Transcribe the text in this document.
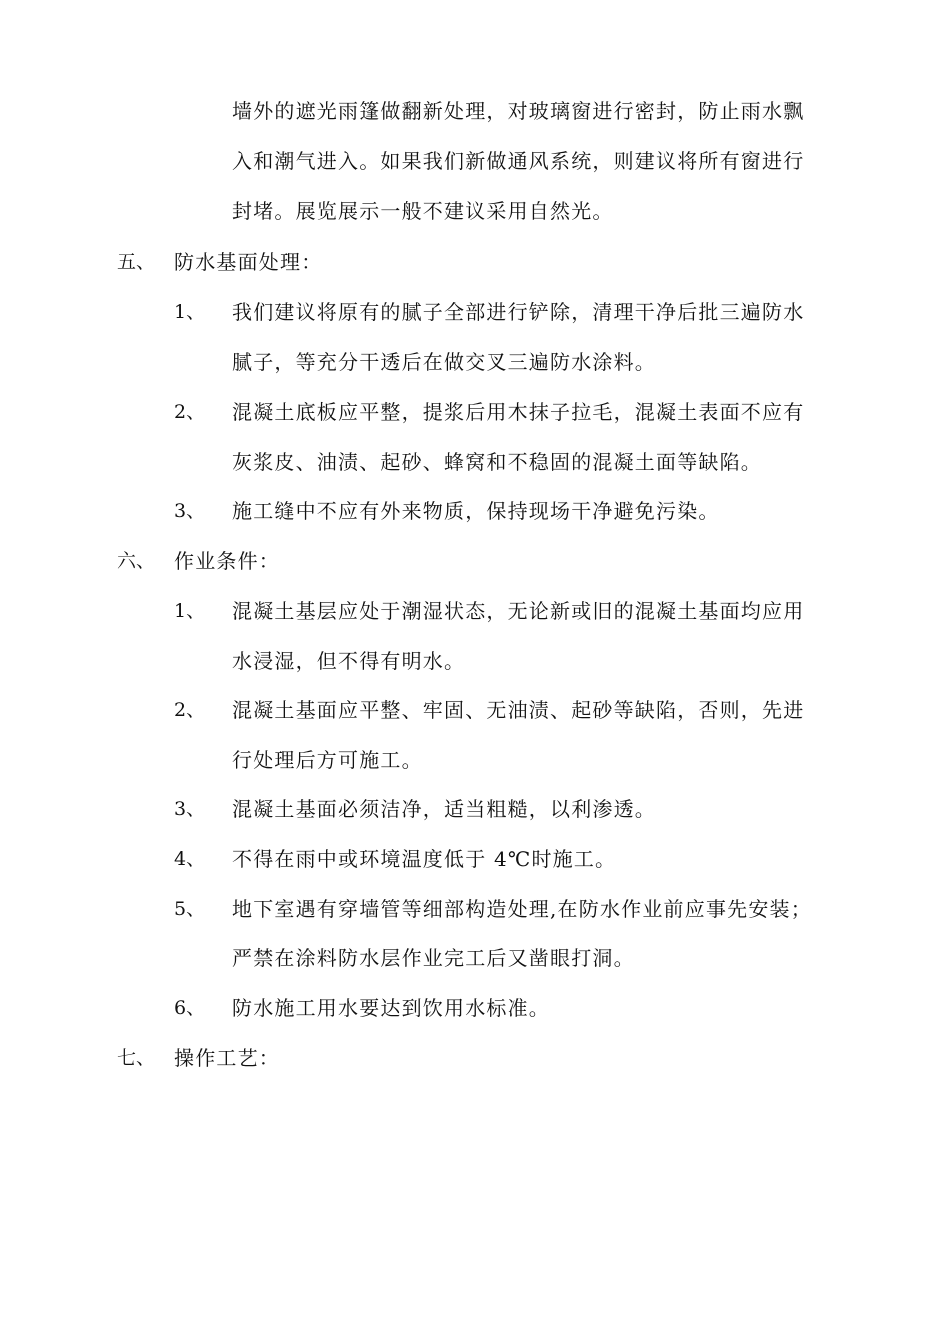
墙外的遮光雨篷做翻新处理，对玻璃窗进行密封，防止雨水飘
入和潮气进入。如果我们新做通风系统，则建议将所有窗进行
封堵。展览展示一般不建议采用自然光。
五、 防水基面处理：
1、 我们建议将原有的腻子全部进行铲除，清理干净后批三遍防水
腻子，等充分干透后在做交叉三遍防水涂料。
2、 混凝土底板应平整，提浆后用木抹子拉毛，混凝土表面不应有
灰浆皮、油渍、起砂、蜂窝和不稳固的混凝土面等缺陷。
3、 施工缝中不应有外来物质，保持现场干净避免污染。
六、 作业条件：
1、 混凝土基层应处于潮湿状态，无论新或旧的混凝土基面均应用
水浸湿，但不得有明水。
2、 混凝土基面应平整、牢固、无油渍、起砂等缺陷，否则，先进
行处理后方可施工。
3、 混凝土基面必须洁净，适当粗糙，以利渗透。
4、 不得在雨中或环境温度低于 4℃时施工。
5、 地下室遇有穿墙管等细部构造处理,在防水作业前应事先安装；
严禁在涂料防水层作业完工后又凿眼打洞。
6、 防水施工用水要达到饮用水标准。
七、 操作工艺：
